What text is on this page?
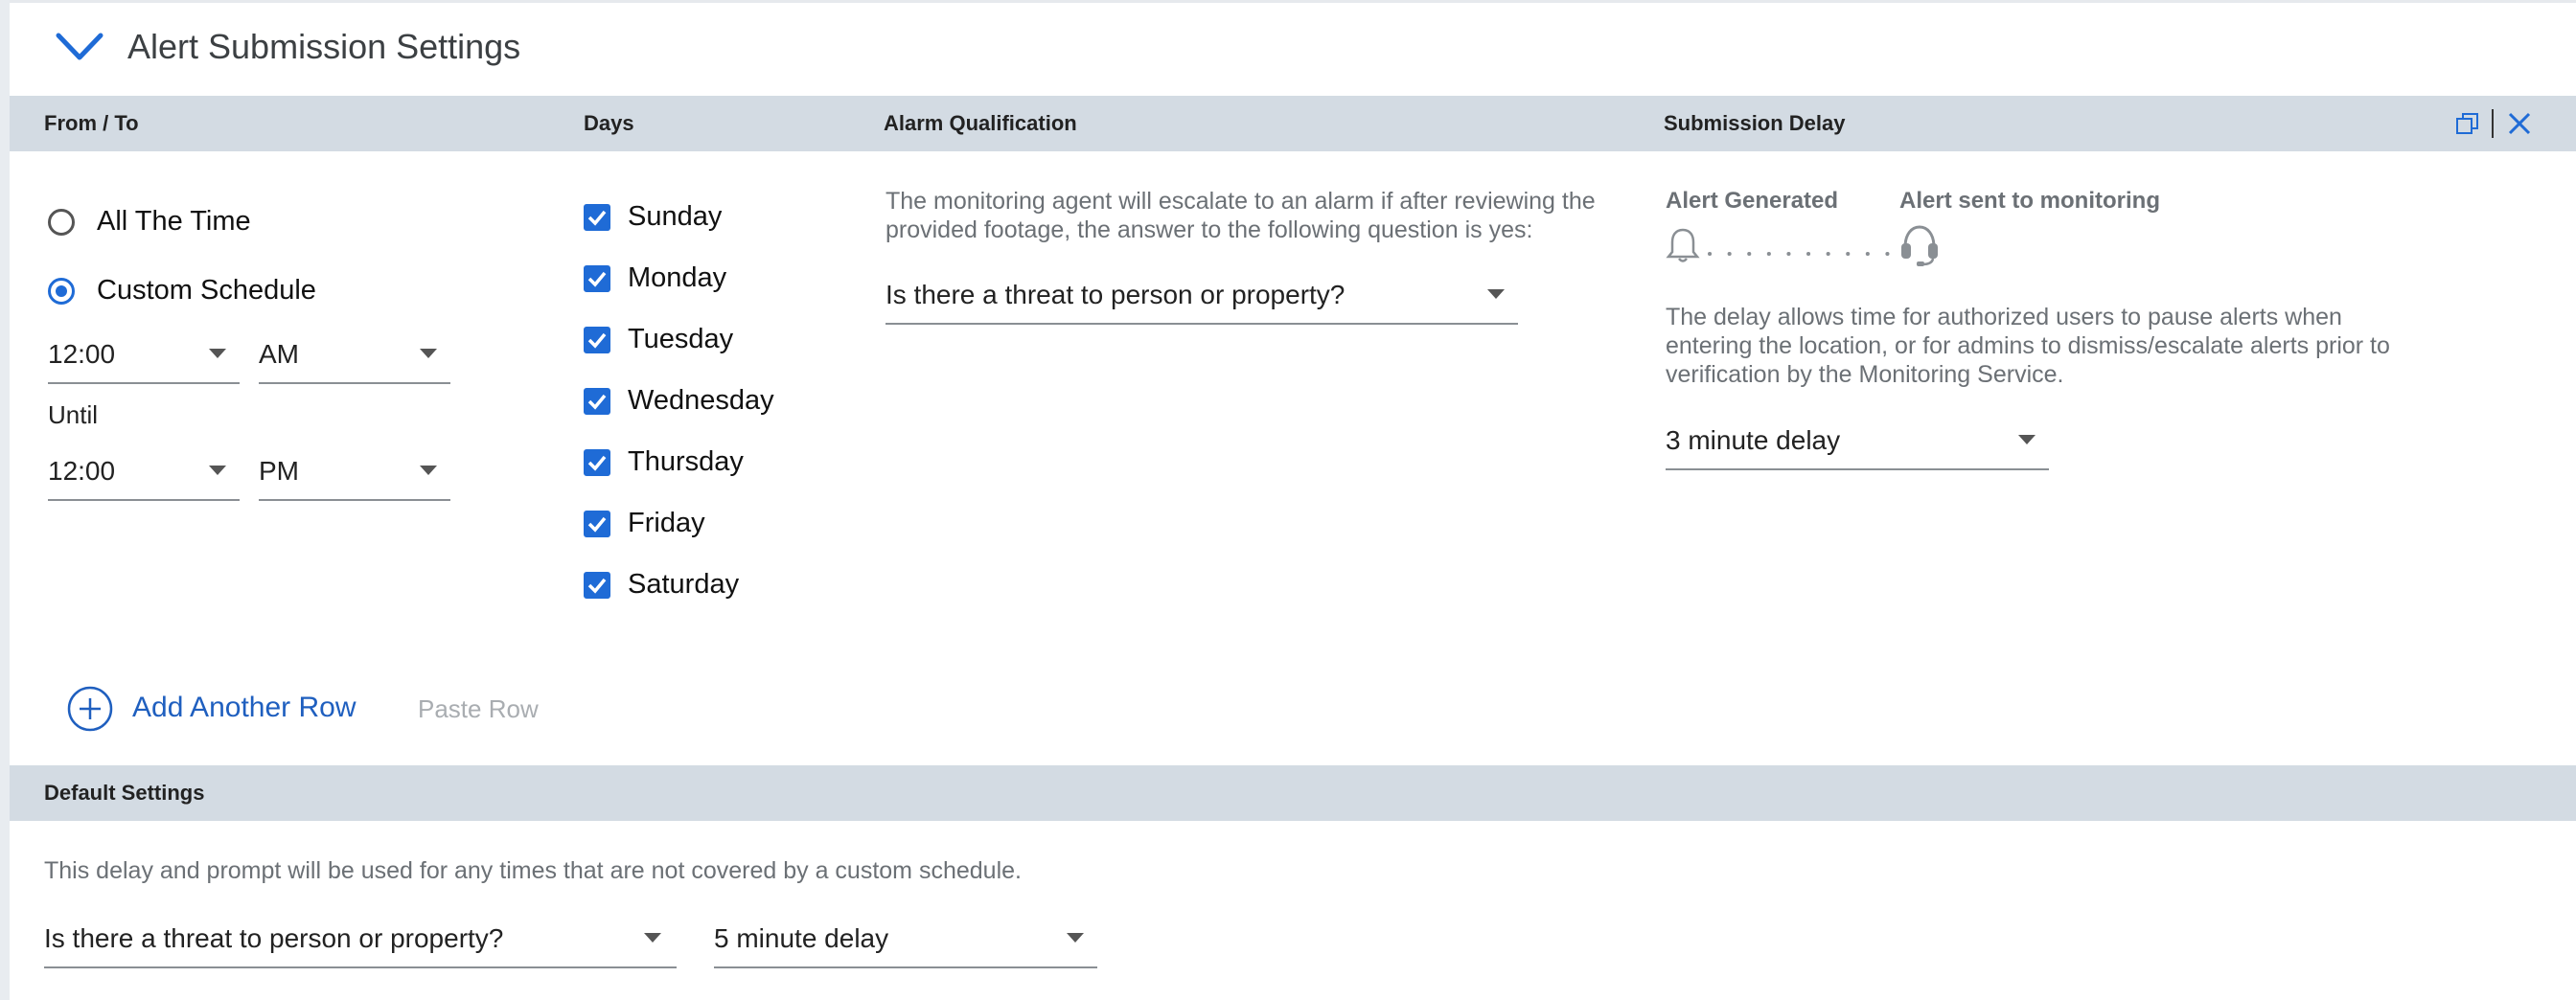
Alert Submission Settings
From / To	Days	Alarm Qualification	Submission Delay
All The Time
Custom Schedule
12:00	AM
Until
12:00	PM
Sunday
Monday
Tuesday
Wednesday
Thursday
Friday
Saturday
The monitoring agent will escalate to an alarm if after reviewing the provided footage, the answer to the following question is yes:
Is there a threat to person or property?
Alert Generated	Alert sent to monitoring
The delay allows time for authorized users to pause alerts when entering the location, or for admins to dismiss/escalate alerts prior to verification by the Monitoring Service.
3 minute delay
Add Another Row Paste Row
Default Settings
This delay and prompt will be used for any times that are not covered by a custom schedule.
Is there a threat to person or property?	5 minute delay
